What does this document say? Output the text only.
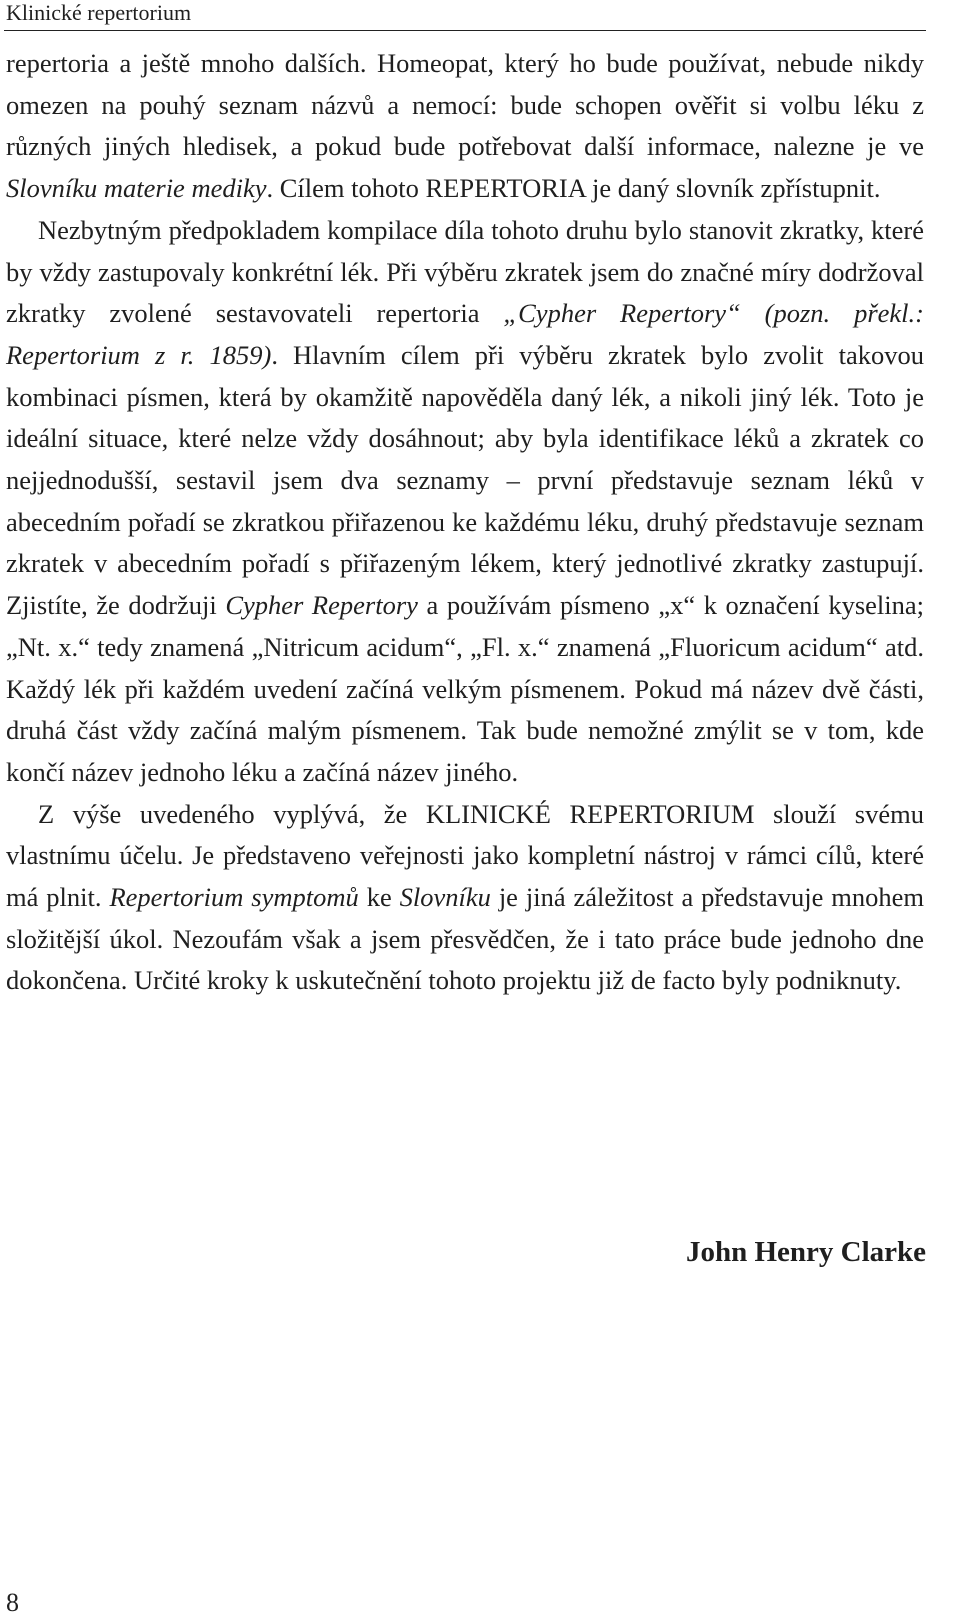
Klinické repertorium

repertoria a ještě mnoho dalších. Homeopat, který ho bude používat, nebude nikdy omezen na pouhý seznam názvů a nemocí: bude schopen ověřit si volbu léku z různých jiných hledisek, a pokud bude potřebovat další informace, nalezne je ve Slovníku materie mediky. Cílem tohoto REPERTORIA je daný slovník zpřístupnit.

Nezbytným předpokladem kompilace díla tohoto druhu bylo stanovit zkratky, které by vždy zastupovaly konkrétní lék. Při výběru zkratek jsem do značné míry dodržoval zkratky zvolené sestavovateli repertoria „Cypher Repertory“ (pozn. překl.: Repertorium z r. 1859). Hlavním cílem při výběru zkratek bylo zvolit takovou kombinaci písmen, která by okamžitě napověděla daný lék, a nikoli jiný lék. Toto je ideální situace, které nelze vždy dosáhnout; aby byla identifikace léků a zkratek co nejjednodušší, sestavil jsem dva seznamy – první představuje seznam léků v abecedním pořadí se zkratkou přiřazenou ke každému léku, druhý představuje seznam zkratek v abecedním pořadí s přiřazeným lékem, který jednotlivé zkratky zastupují. Zjistíte, že dodržuji Cypher Repertory a používám písmeno „x“ k označení kyselina; „Nt. x.“ tedy znamená „Nitricum acidum“, „Fl. x.“ znamená „Fluoricum acidum“ atd. Každý lék při každém uvedení začíná velkým písmenem. Pokud má název dvě části, druhá část vždy začíná malým písmenem. Tak bude nemožné zmýlit se v tom, kde končí název jednoho léku a začíná název jiného.

Z výše uvedeného vyplývá, že KLINICKÉ REPERTORIUM slouží svému vlastnímu účelu. Je představeno veřejnosti jako kompletní nástroj v rámci cílů, které má plnit. Repertorium symptomů ke Slovníku je jiná záležitost a představuje mnohem složitější úkol. Nezoufám však a jsem přesvědčen, že i tato práce bude jednoho dne dokončena. Určité kroky k uskutečnění tohoto projektu již de facto byly podniknuty.

John Henry Clarke
8
